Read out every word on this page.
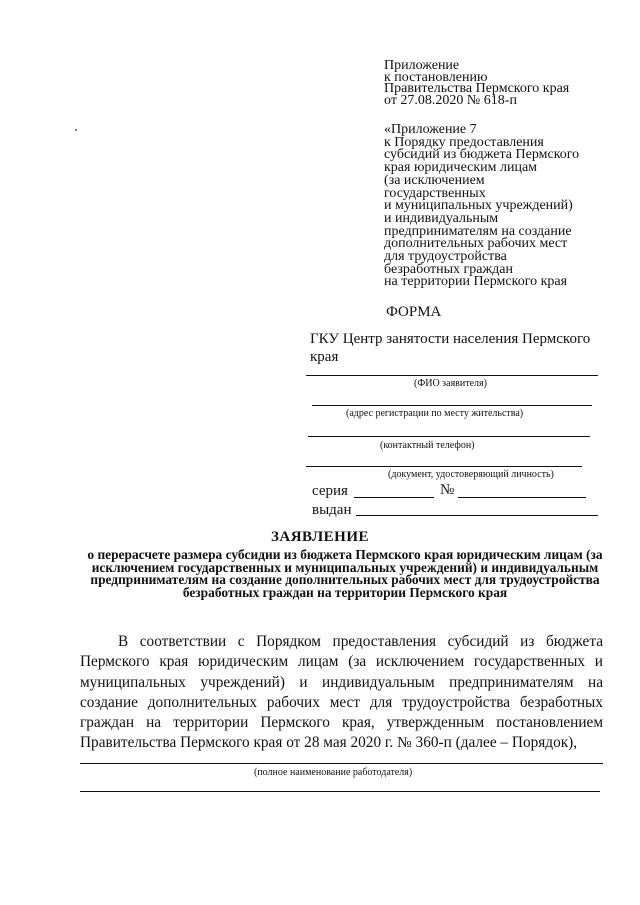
Приложение
к постановлению
Правительства Пермского края
от 27.08.2020 № 618-п
«Приложение 7
к Порядку предоставления
субсидий из бюджета Пермского
края юридическим лицам
(за исключением
государственных
и муниципальных учреждений)
и индивидуальным
предпринимателям на создание
дополнительных рабочих мест
для трудоустройства
безработных граждан
на территории Пермского края
ФОРМА
ГКУ Центр занятости населения Пермского края
(ФИО заявителя)
(адрес регистрации по месту жительства)
(контактный телефон)
(документ, удостоверяющий личность)
серия	№
выдан
ЗАЯВЛЕНИЕ
о перерасчете размера субсидии из бюджета Пермского края юридическим лицам (за исключением государственных и муниципальных учреждений) и индивидуальным предпринимателям на создание дополнительных рабочих мест для трудоустройства безработных граждан на территории Пермского края
В соответствии с Порядком предоставления субсидий из бюджета Пермского края юридическим лицам (за исключением государственных и муниципальных учреждений) и индивидуальным предпринимателям на создание дополнительных рабочих мест для трудоустройства безработных граждан на территории Пермского края, утвержденным постановлением Правительства Пермского края от 28 мая 2020 г. № 360-п (далее – Порядок),
(полное наименование работодателя)
